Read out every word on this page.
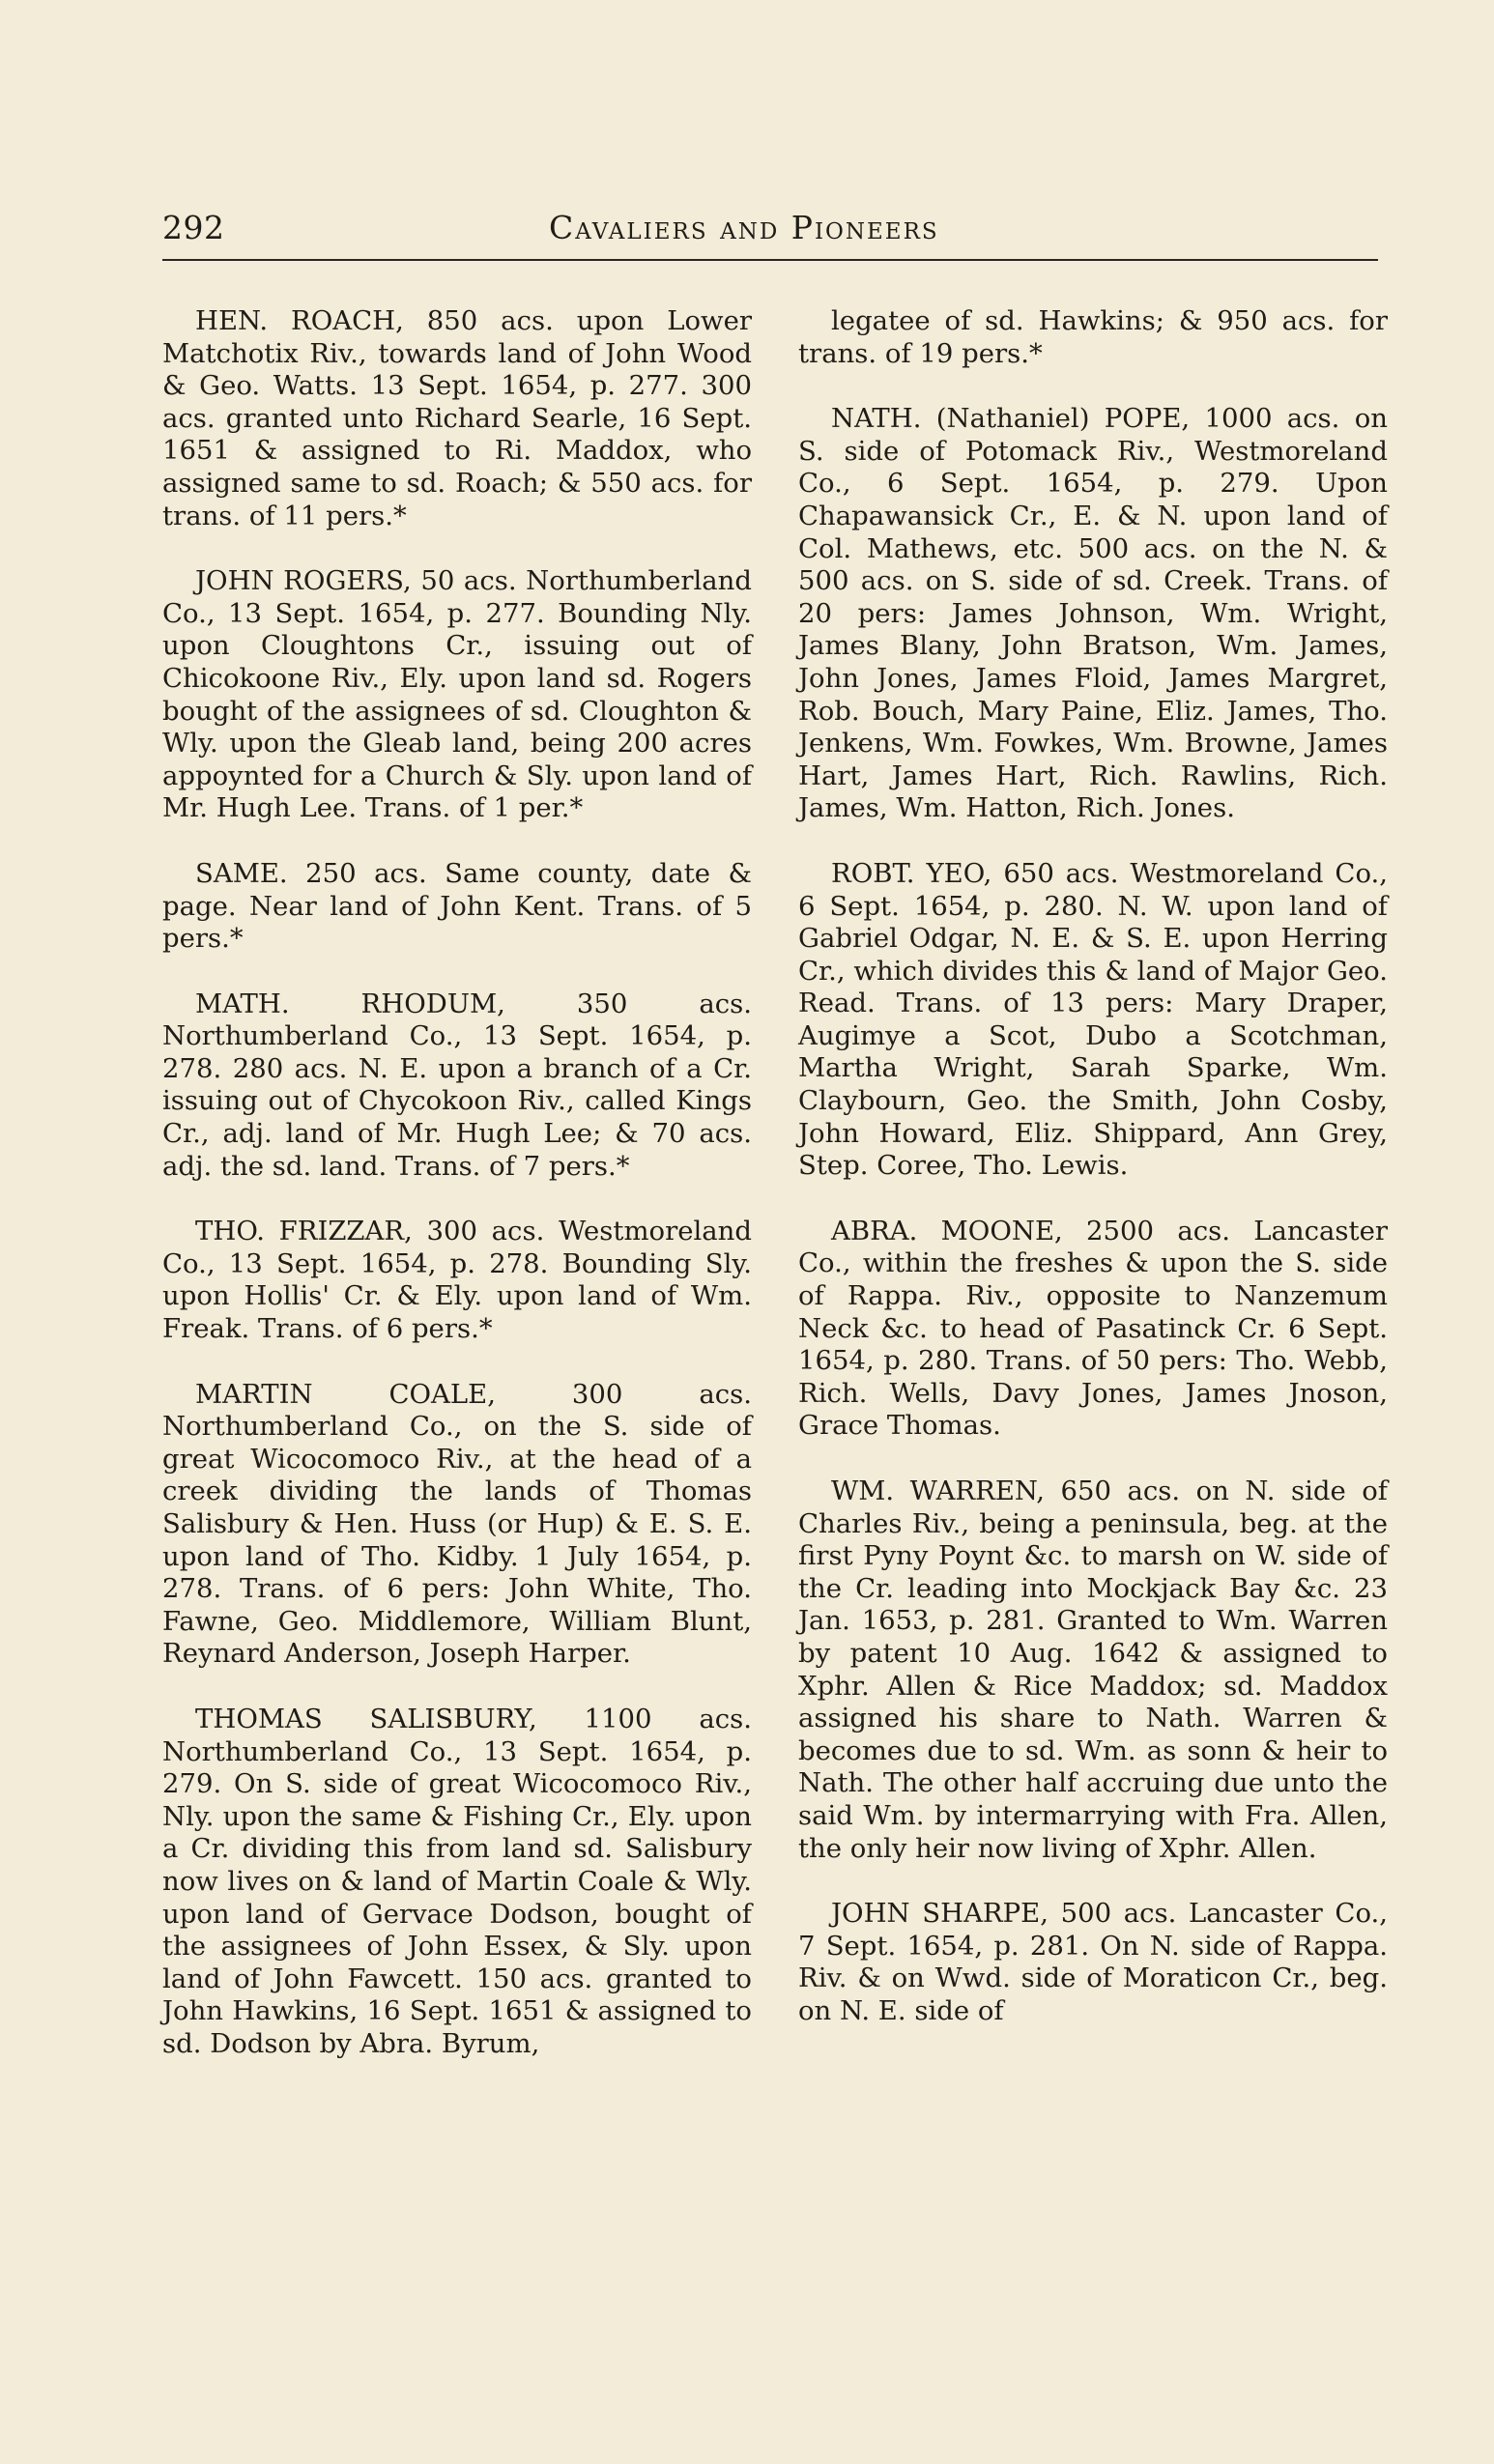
292	Cavaliers and Pioneers

HEN. ROACH, 850 acs. upon Lower Matchotix Riv., towards land of John Wood & Geo. Watts. 13 Sept. 1654, p. 277. 300 acs. granted unto Richard Searle, 16 Sept. 1651 & assigned to Ri. Maddox, who assigned same to sd. Roach; & 550 acs. for trans. of 11 pers.*

JOHN ROGERS, 50 acs. Northumberland Co., 13 Sept. 1654, p. 277. Bounding Nly. upon Cloughtons Cr., issuing out of Chicokoone Riv., Ely. upon land sd. Rogers bought of the assignees of sd. Cloughton & Wly. upon the Gleab land, being 200 acres appoynted for a Church & Sly. upon land of Mr. Hugh Lee. Trans. of 1 per.*

SAME. 250 acs. Same county, date & page. Near land of John Kent. Trans. of 5 pers.*

MATH. RHODUM, 350 acs. Northumberland Co., 13 Sept. 1654, p. 278. 280 acs. N. E. upon a branch of a Cr. issuing out of Chycokoon Riv., called Kings Cr., adj. land of Mr. Hugh Lee; & 70 acs. adj. the sd. land. Trans. of 7 pers.*

THO. FRIZZAR, 300 acs. Westmoreland Co., 13 Sept. 1654, p. 278. Bounding Sly. upon Hollis' Cr. & Ely. upon land of Wm. Freak. Trans. of 6 pers.*

MARTIN COALE, 300 acs. Northumberland Co., on the S. side of great Wicocomoco Riv., at the head of a creek dividing the lands of Thomas Salisbury & Hen. Huss (or Hup) & E. S. E. upon land of Tho. Kidby. 1 July 1654, p. 278. Trans. of 6 pers: John White, Tho. Fawne, Geo. Middlemore, William Blunt, Reynard Anderson, Joseph Harper.

THOMAS SALISBURY, 1100 acs. Northumberland Co., 13 Sept. 1654, p. 279. On S. side of great Wicocomoco Riv., Nly. upon the same & Fishing Cr., Ely. upon a Cr. dividing this from land sd. Salisbury now lives on & land of Martin Coale & Wly. upon land of Gervace Dodson, bought of the assignees of John Essex, & Sly. upon land of John Fawcett. 150 acs. granted to John Hawkins, 16 Sept. 1651 & assigned to sd. Dodson by Abra. Byrum,

legatee of sd. Hawkins; & 950 acs. for trans. of 19 pers.*

NATH. (Nathaniel) POPE, 1000 acs. on S. side of Potomack Riv., Westmoreland Co., 6 Sept. 1654, p. 279. Upon Chapawansick Cr., E. & N. upon land of Col. Mathews, etc. 500 acs. on the N. & 500 acs. on S. side of sd. Creek. Trans. of 20 pers: James Johnson, Wm. Wright, James Blany, John Bratson, Wm. James, John Jones, James Floid, James Margret, Rob. Bouch, Mary Paine, Eliz. James, Tho. Jenkens, Wm. Fowkes, Wm. Browne, James Hart, James Hart, Rich. Rawlins, Rich. James, Wm. Hatton, Rich. Jones.

ROBT. YEO, 650 acs. Westmoreland Co., 6 Sept. 1654, p. 280. N. W. upon land of Gabriel Odgar, N. E. & S. E. upon Herring Cr., which divides this & land of Major Geo. Read. Trans. of 13 pers: Mary Draper, Augimye a Scot, Dubo a Scotchman, Martha Wright, Sarah Sparke, Wm. Claybourn, Geo. the Smith, John Cosby, John Howard, Eliz. Shippard, Ann Grey, Step. Coree, Tho. Lewis.

ABRA. MOONE, 2500 acs. Lancaster Co., within the freshes & upon the S. side of Rappa. Riv., opposite to Nanzemum Neck &c. to head of Pasatinck Cr. 6 Sept. 1654, p. 280. Trans. of 50 pers: Tho. Webb, Rich. Wells, Davy Jones, James Jnoson, Grace Thomas.

WM. WARREN, 650 acs. on N. side of Charles Riv., being a peninsula, beg. at the first Pyny Poynt &c. to marsh on W. side of the Cr. leading into Mockjack Bay &c. 23 Jan. 1653, p. 281. Granted to Wm. Warren by patent 10 Aug. 1642 & assigned to Xphr. Allen & Rice Maddox; sd. Maddox assigned his share to Nath. Warren & becomes due to sd. Wm. as sonn & heir to Nath. The other half accruing due unto the said Wm. by intermarrying with Fra. Allen, the only heir now living of Xphr. Allen.

JOHN SHARPE, 500 acs. Lancaster Co., 7 Sept. 1654, p. 281. On N. side of Rappa. Riv. & on Wwd. side of Moraticon Cr., beg. on N. E. side of
